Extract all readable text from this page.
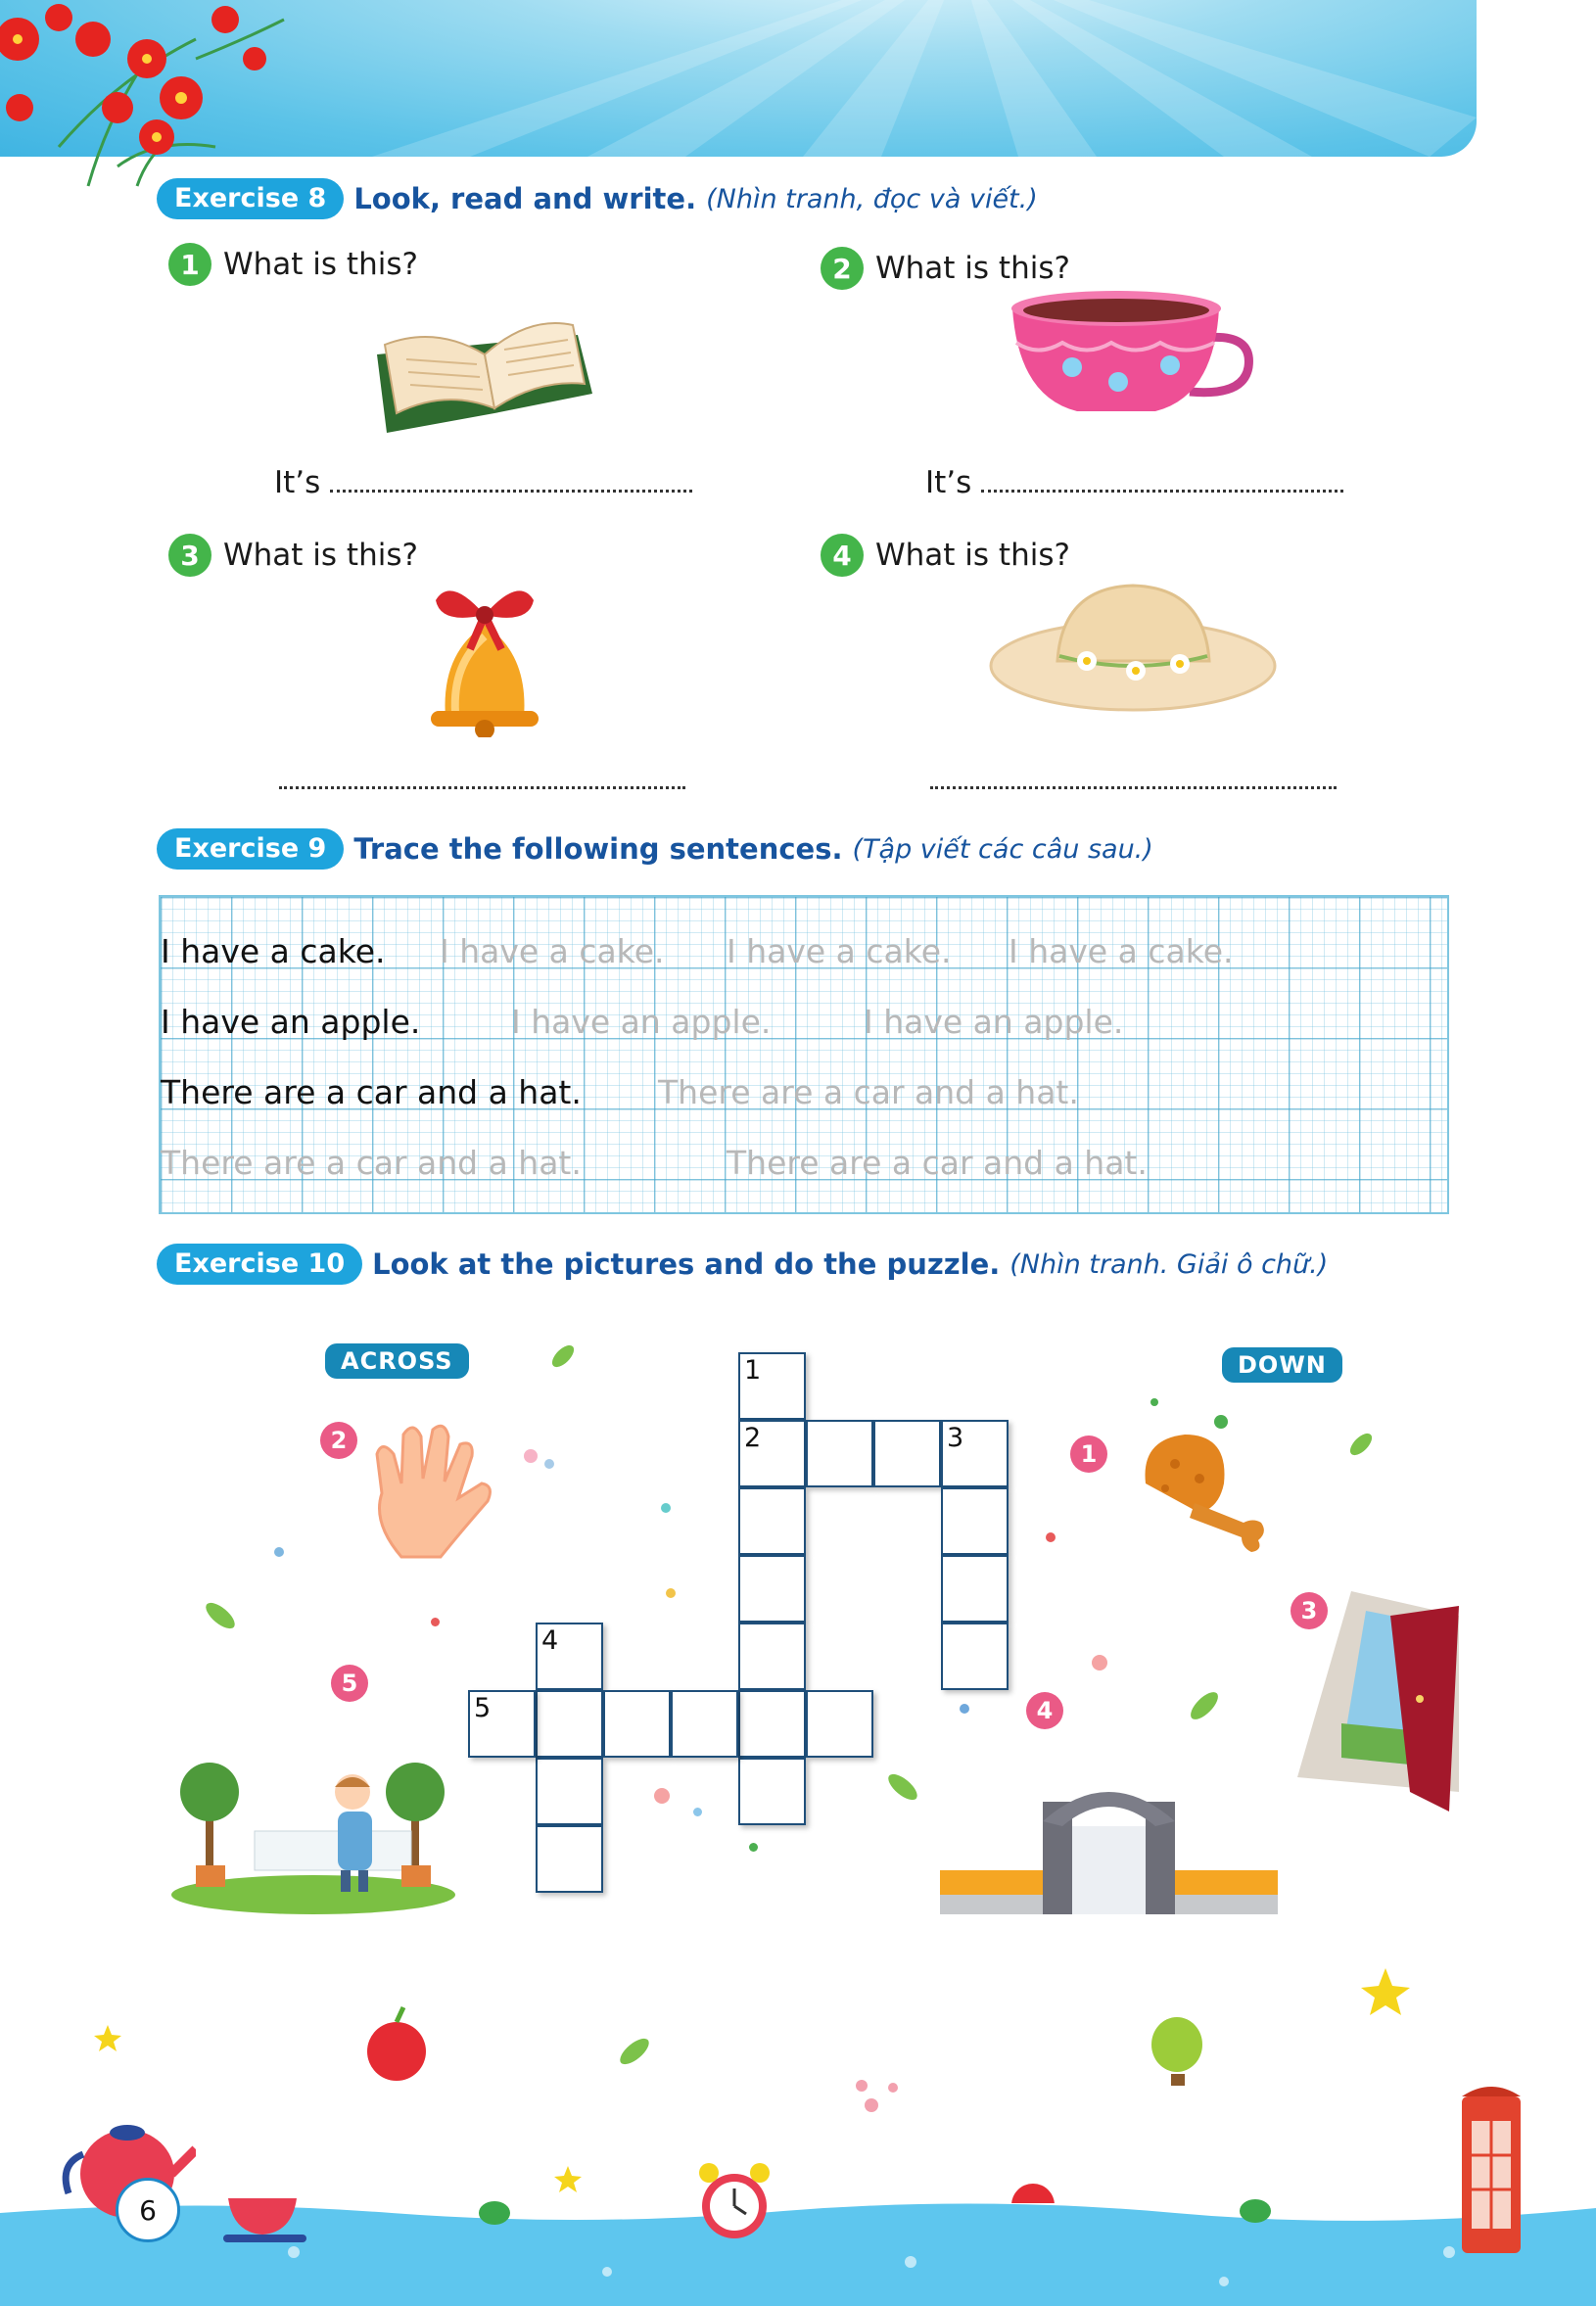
Exercise 8 Look, read and write. (Nhìn tranh, đọc và viết.)
1 What is this?
It’s
2 What is this?
It’s
3 What is this?	4 What is this?
Exercise 9 Trace the following sentences. (Tập viết các câu sau.)
I have a cake. I have a cake. I have a cake. I have a cake.
I have an apple.	I have an apple.	I have an apple.
There are a car and a hat. There are a car and a hat.
There are a car and a hat.	There are a car and a hat.
Exercise 10 Look at the pictures and do the puzzle. (Nhìn tranh. Giải ô chữ.)
ACROSS	DOWN
1
2	3
4
5
2
5
1
3
4
6
